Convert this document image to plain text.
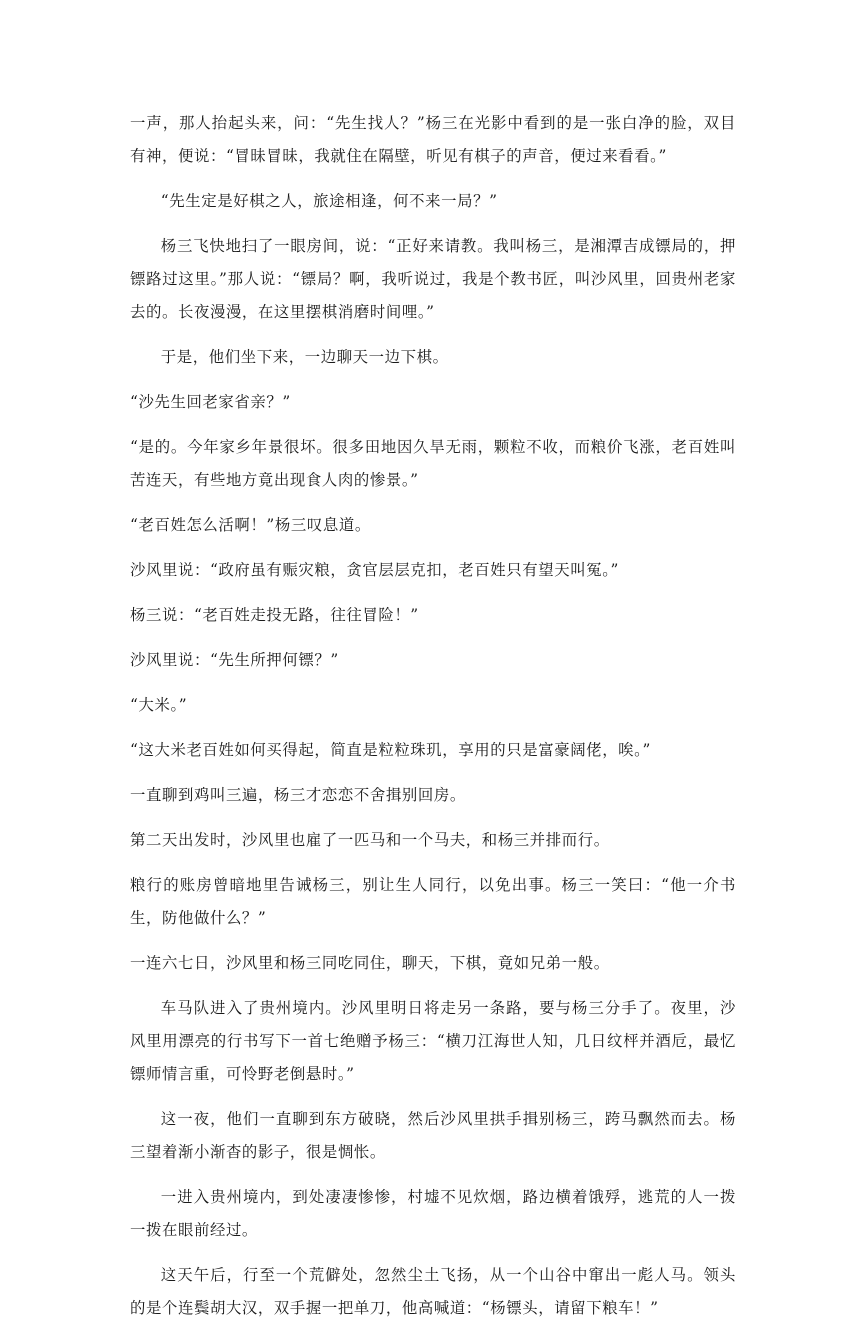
一声，那人抬起头来，问：“先生找人？”杨三在光影中看到的是一张白净的脸，双目有神，便说：“冒昧冒昧，我就住在隔壁，听见有棋子的声音，便过来看看。”

“先生定是好棋之人，旅途相逢，何不来一局？”

杨三飞快地扫了一眼房间，说：“正好来请教。我叫杨三，是湘潭吉成镖局的，押镖路过这里。”那人说：“镖局？啊，我听说过，我是个教书匠，叫沙风里，回贵州老家去的。长夜漫漫，在这里摆棋消磨时间哩。”

于是，他们坐下来，一边聊天一边下棋。

“沙先生回老家省亲？”

“是的。今年家乡年景很坏。很多田地因久旱无雨，颗粒不收，而粮价飞涨，老百姓叫苦连天，有些地方竟出现食人肉的惨景。”

“老百姓怎么活啊！”杨三叹息道。

沙风里说：“政府虽有赈灾粮，贪官层层克扣，老百姓只有望天叫冤。”

杨三说：“老百姓走投无路，往往冒险！”

沙风里说：“先生所押何镖？”

“大米。”

“这大米老百姓如何买得起，简直是粒粒珠玑，享用的只是富豪阔佬，唉。”

一直聊到鸡叫三遍，杨三才恋恋不舍揖别回房。

第二天出发时，沙风里也雇了一匹马和一个马夫，和杨三并排而行。

粮行的账房曾暗地里告诫杨三，别让生人同行，以免出事。杨三一笑曰：“他一介书生，防他做什么？”

一连六七日，沙风里和杨三同吃同住，聊天，下棋，竟如兄弟一般。

车马队进入了贵州境内。沙风里明日将走另一条路，要与杨三分手了。夜里，沙风里用漂亮的行书写下一首七绝赠予杨三：“横刀江海世人知，几日纹枰并酒卮，最忆镖师情言重，可怜野老倒悬时。”

这一夜，他们一直聊到东方破晓，然后沙风里拱手揖别杨三，跨马飘然而去。杨三望着渐小渐杳的影子，很是惆怅。

一进入贵州境内，到处凄凄惨惨，村墟不见炊烟，路边横着饿殍，逃荒的人一拨一拨在眼前经过。

这天午后，行至一个荒僻处，忽然尘土飞扬，从一个山谷中窜出一彪人马。领头的是个连鬓胡大汉，双手握一把单刀，他高喊道：“杨镖头，请留下粮车！”
